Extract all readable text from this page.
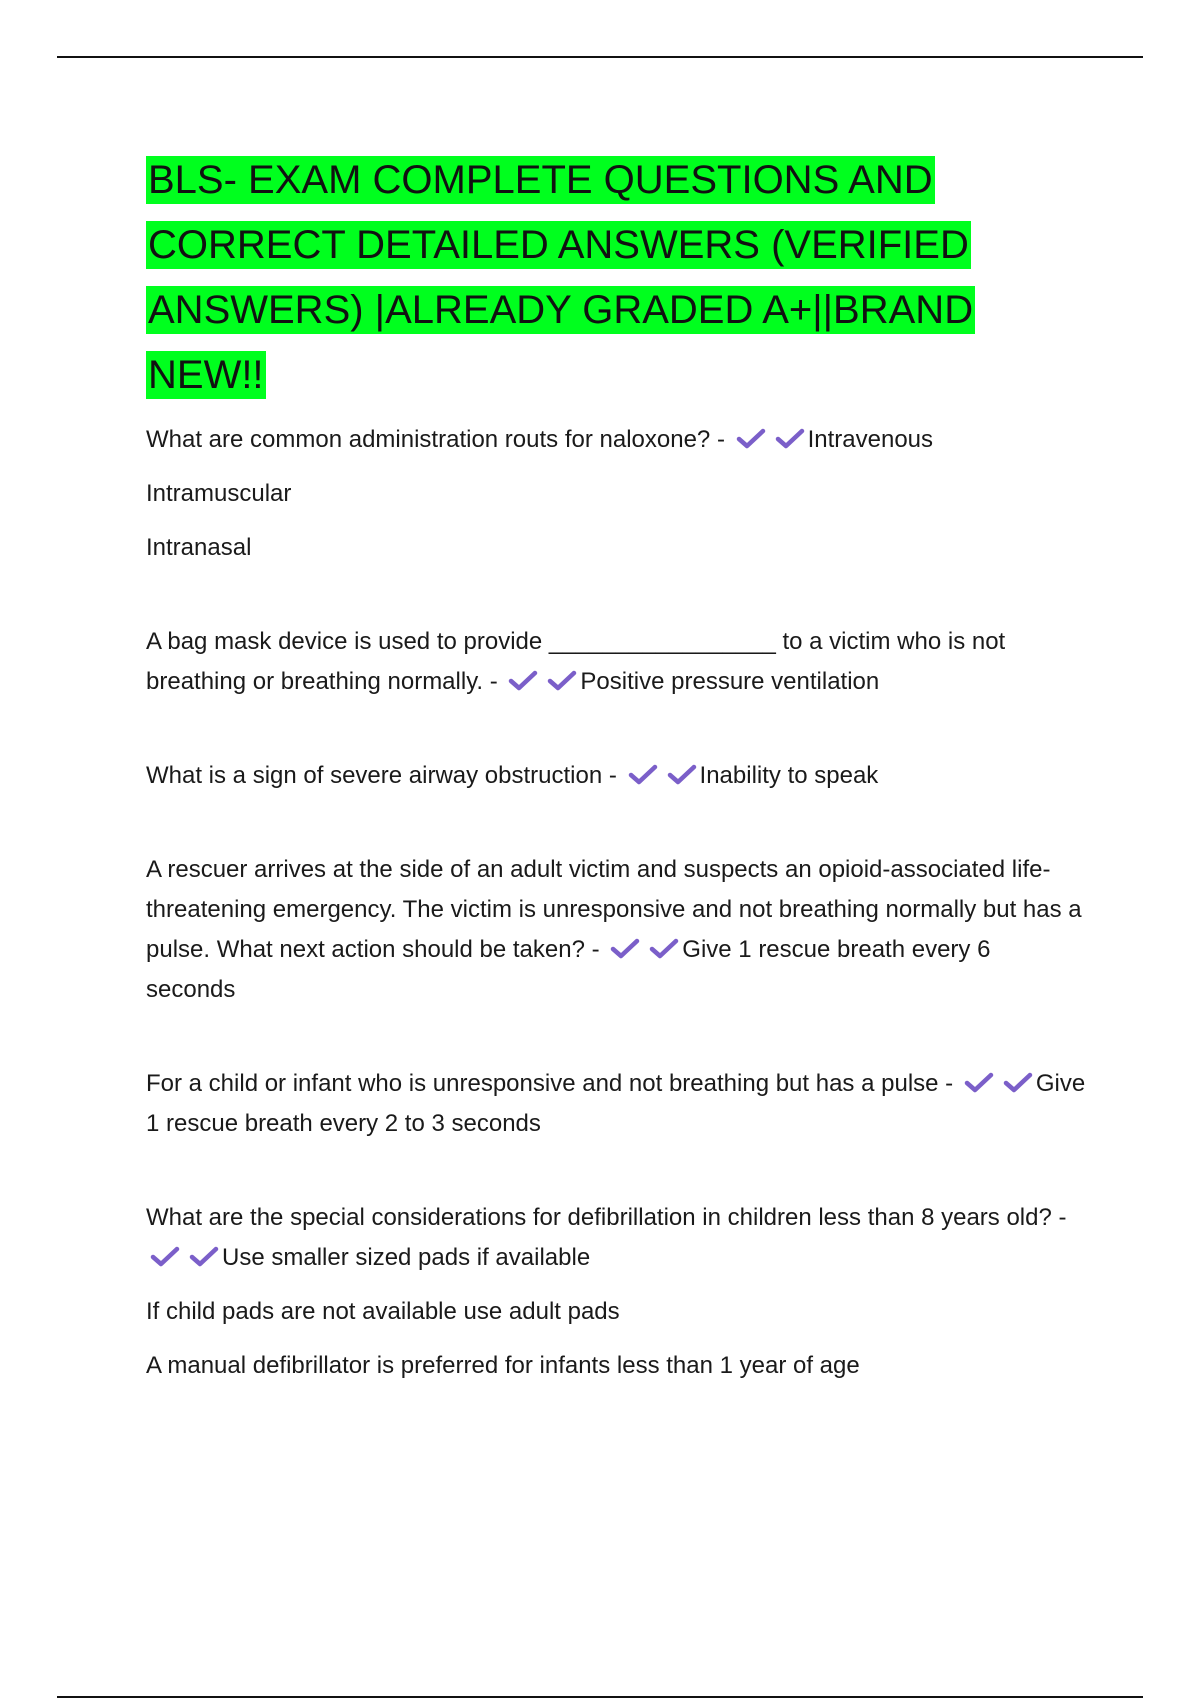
BLS- EXAM COMPLETE QUESTIONS AND CORRECT DETAILED ANSWERS (VERIFIED ANSWERS) |ALREADY GRADED A+||BRAND NEW!!

What are common administration routs for naloxone? -	Intravenous

Intramuscular

Intranasal

A bag mask device is used to provide _________________ to a victim who is not breathing or breathing normally. -	Positive pressure ventilation

What is a sign of severe airway obstruction -	Inability to speak

A rescuer arrives at the side of an adult victim and suspects an opioid-associated life-threatening emergency. The victim is unresponsive and not breathing normally but has a pulse. What next action should be taken? -	Give 1 rescue breath every 6 seconds

For a child or infant who is unresponsive and not breathing but has a pulse -	Give 1 rescue breath every 2 to 3 seconds

What are the special considerations for defibrillation in children less than 8 years old? -
Use smaller sized pads if available

If child pads are not available use adult pads

A manual defibrillator is preferred for infants less than 1 year of age
